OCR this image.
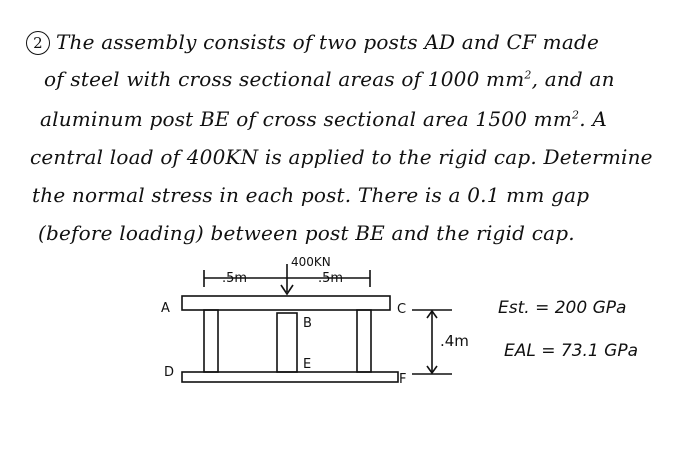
2 The assembly consists of two posts AD and CF made
of steel with cross sectional areas of 1000 $mm^2$, and an
aluminum post BE of cross sectional area 1500 $mm^2$. A
central load of 400KN is applied to the rigid cap. Determine
the normal stress in each post. There is a 0.1 mm gap
(before loading) between post BE and the rigid cap.
400KN
.5m	.5m
A
B
C
D
E
F
.4m
Est. = 200 GPa
EAL = 73.1 GPa
